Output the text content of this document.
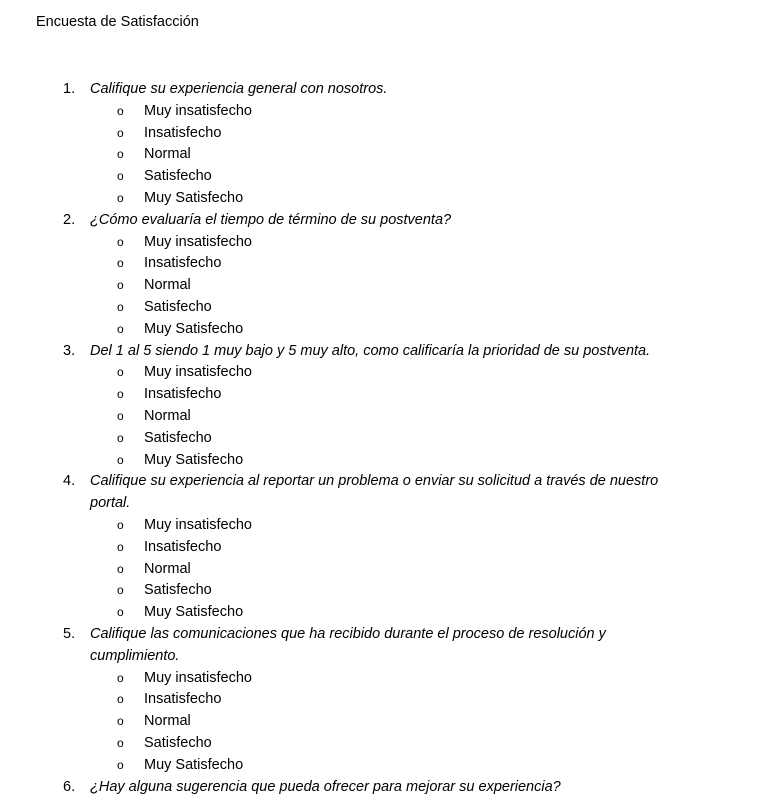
Encuesta de Satisfacción
1. Califique su experiencia general con nosotros.
o Muy insatisfecho
o Insatisfecho
o Normal
o Satisfecho
o Muy Satisfecho
2. ¿Cómo evaluaría el tiempo de término de su postventa?
o Muy insatisfecho
o Insatisfecho
o Normal
o Satisfecho
o Muy Satisfecho
3. Del 1 al 5 siendo 1 muy bajo y 5 muy alto, como calificaría la prioridad de su postventa.
o Muy insatisfecho
o Insatisfecho
o Normal
o Satisfecho
o Muy Satisfecho
4. Califique su experiencia al reportar un problema o enviar su solicitud a través de nuestro portal.
o Muy insatisfecho
o Insatisfecho
o Normal
o Satisfecho
o Muy Satisfecho
5. Califique las comunicaciones que ha recibido durante el proceso de resolución y cumplimiento.
o Muy insatisfecho
o Insatisfecho
o Normal
o Satisfecho
o Muy Satisfecho
6. ¿Hay alguna sugerencia que pueda ofrecer para mejorar su experiencia?
